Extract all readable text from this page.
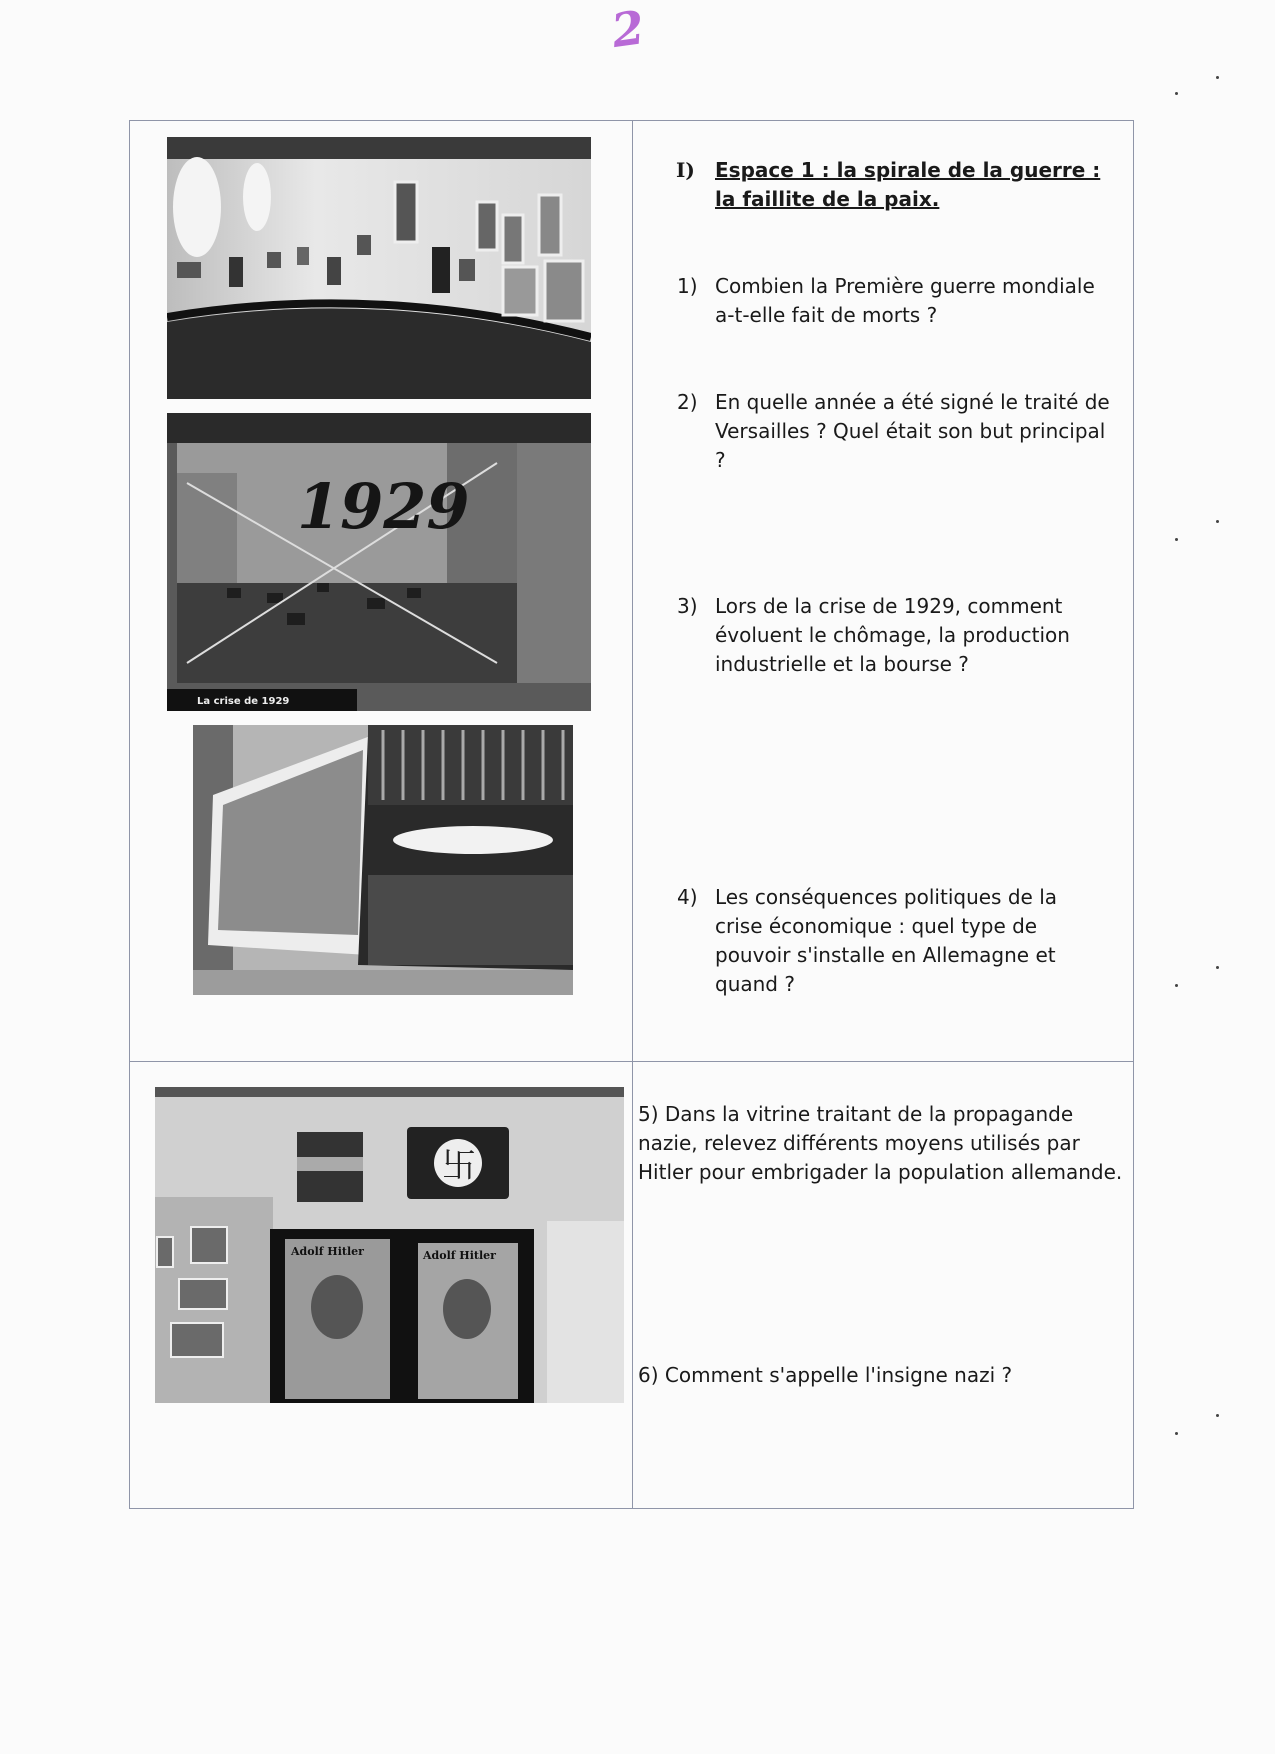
2

1929
La crise de 1929
卐
Adolf Hitler	Adolf Hitler
I) Espace 1 : la spirale de la guerre : la faillite de la paix.
1) Combien la Première guerre mondiale a-t-elle fait de morts ?
2) En quelle année a été signé le traité de Versailles ? Quel était son but principal ?
3) Lors de la crise de 1929, comment évoluent le chômage, la production industrielle et la bourse ?
4) Les conséquences politiques de la crise économique : quel type de pouvoir s'installe en Allemagne et quand ?
5) Dans la vitrine traitant de la propagande nazie, relevez différents moyens utilisés par Hitler pour embrigader la population allemande.
6) Comment s'appelle l'insigne nazi ?
